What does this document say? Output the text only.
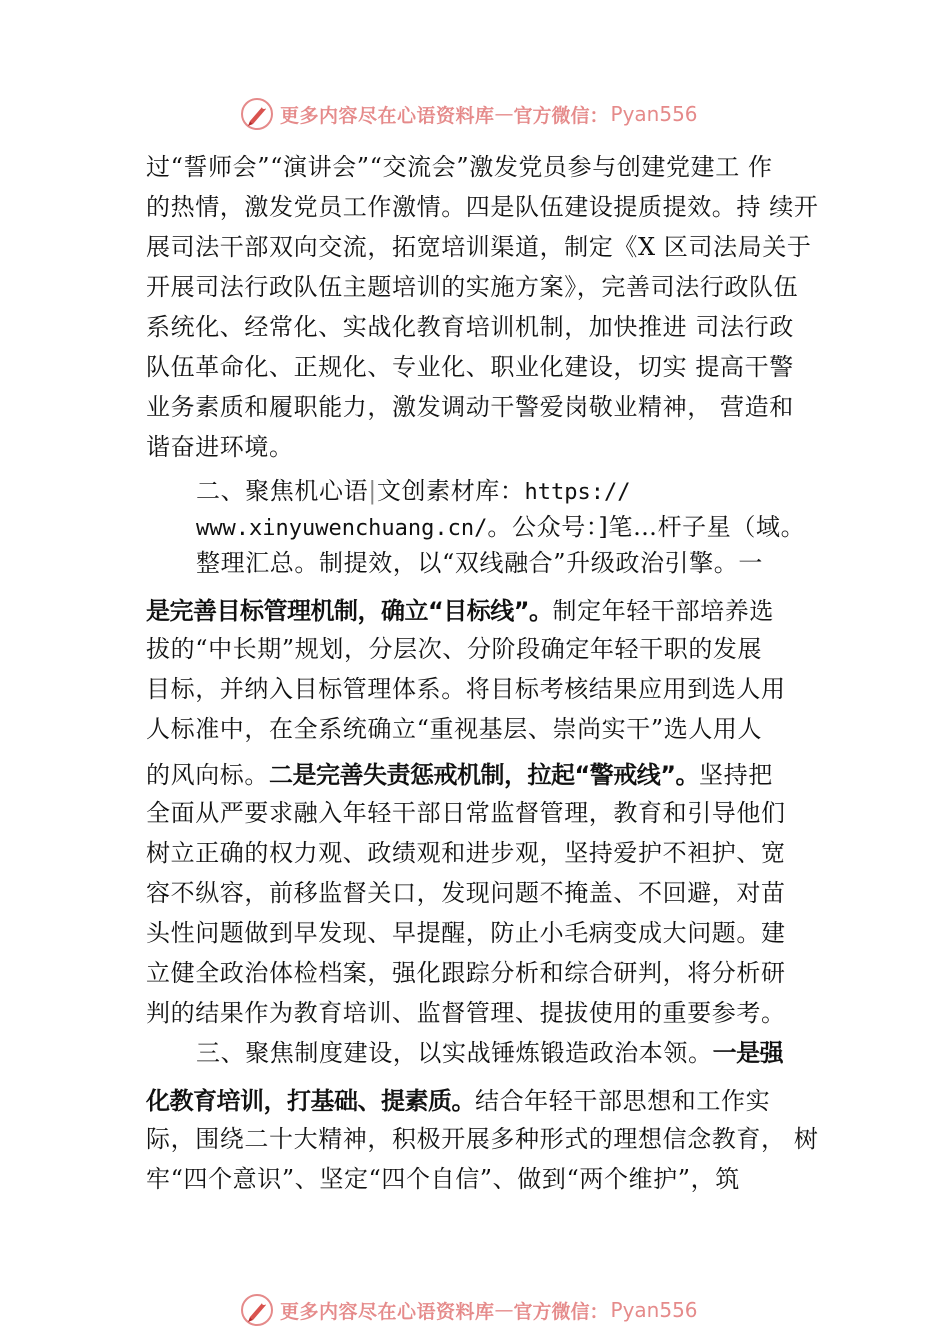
更多内容尽在心语资料库 — 官方微信： Pyan556
过“誓师会”“演讲会”“交流会”激发党员参与创建党建工 作
的热情，激发党员工作激情。四是队伍建设提质提效。持 续开
展司法干部双向交流，拓宽培训渠道，制定《X 区司法局关于
开展司法行政队伍主题培训的实施方案》，完善司法行政队伍
系统化、经常化、实战化教育培训机制，加快推进 司法行政
队伍革命化、正规化、专业化、职业化建设，切实 提高干警
业务素质和履职能力，激发调动干警爱岗敬业精神， 营造和
谐奋进环境。
二、聚焦机心语|文创素材库：https://
www.xinyuwenchuang.cn/。公众号：]笔…杆子星（域。
整理汇总。制提效，以“双线融合”升级政治引擎。一
是完善目标管理机制，确立“目标线”。制定年轻干部培养选
拔的“中长期”规划，分层次、分阶段确定年轻干职的发展
目标，并纳入目标管理体系。将目标考核结果应用到选人用
人标准中，在全系统确立“重视基层、崇尚实干”选人用人
的风向标。二是完善失责惩戒机制，拉起“警戒线”。坚持把
全面从严要求融入年轻干部日常监督管理，教育和引导他们
树立正确的权力观、政绩观和进步观，坚持爱护不袒护、宽
容不纵容，前移监督关口，发现问题不掩盖、不回避，对苗
头性问题做到早发现、早提醒，防止小毛病变成大问题。建
立健全政治体检档案，强化跟踪分析和综合研判，将分析研
判的结果作为教育培训、监督管理、提拔使用的重要参考。
三、聚焦制度建设，以实战锤炼锻造政治本领。一是强
化教育培训，打基础、提素质。结合年轻干部思想和工作实
际，围绕二十大精神，积极开展多种形式的理想信念教育， 树
牢“四个意识”、坚定“四个自信”、做到“两个维护”，筑
更多内容尽在心语资料库 — 官方微信： Pyan556
